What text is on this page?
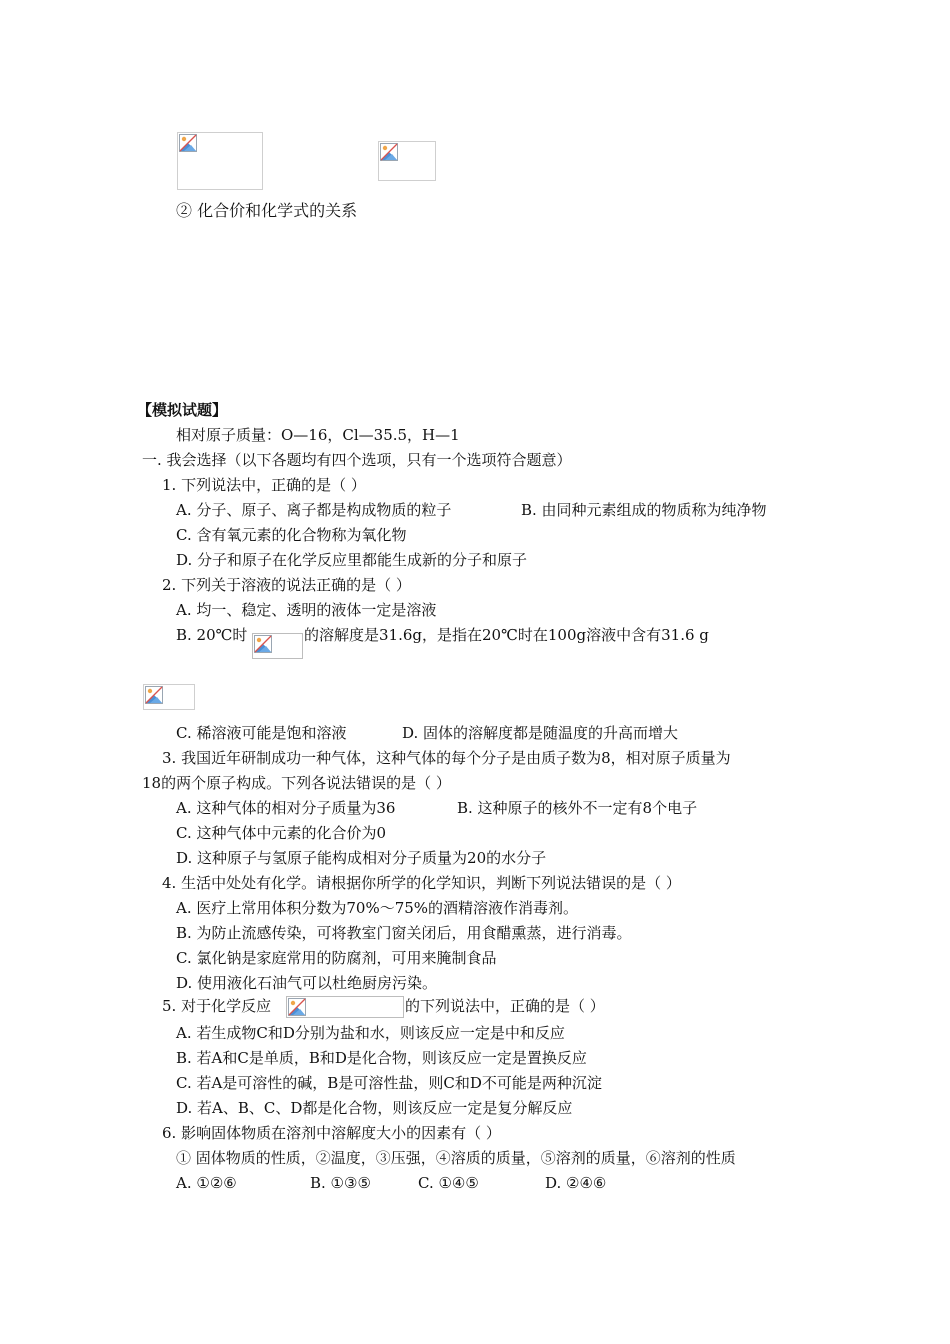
② 化合价和化学式的关系
【模拟试题】
相对原子质量：O—16，Cl—35.5，H—1
一. 我会选择（以下各题均有四个选项，只有一个选项符合题意）
1. 下列说法中，正确的是（ ）
A. 分子、原子、离子都是构成物质的粒子	B. 由同种元素组成的物质称为纯净物
C. 含有氧元素的化合物称为氧化物
D. 分子和原子在化学反应里都能生成新的分子和原子
2. 下列关于溶液的说法正确的是（ ）
A. 均一、稳定、透明的液体一定是溶液
B. 20℃时	的溶解度是31.6g，是指在20℃时在100g溶液中含有31.6 g
C. 稀溶液可能是饱和溶液	D. 固体的溶解度都是随温度的升高而增大
3. 我国近年研制成功一种气体，这种气体的每个分子是由质子数为8，相对原子质量为
18的两个原子构成。下列各说法错误的是（ ）
A. 这种气体的相对分子质量为36	B. 这种原子的核外不一定有8个电子
C. 这种气体中元素的化合价为0
D. 这种原子与氢原子能构成相对分子质量为20的水分子
4. 生活中处处有化学。请根据你所学的化学知识，判断下列说法错误的是（ ）
A. 医疗上常用体积分数为70%～75%的酒精溶液作消毒剂。
B. 为防止流感传染，可将教室门窗关闭后，用食醋熏蒸，进行消毒。
C. 氯化钠是家庭常用的防腐剂，可用来腌制食品
D. 使用液化石油气可以杜绝厨房污染。
5. 对于化学反应	的下列说法中，正确的是（ ）
A. 若生成物C和D分别为盐和水，则该反应一定是中和反应
B. 若A和C是单质，B和D是化合物，则该反应一定是置换反应
C. 若A是可溶性的碱，B是可溶性盐，则C和D不可能是两种沉淀
D. 若A、B、C、D都是化合物，则该反应一定是复分解反应
6. 影响固体物质在溶剂中溶解度大小的因素有（ ）
① 固体物质的性质，②温度，③压强，④溶质的质量，⑤溶剂的质量，⑥溶剂的性质
A. ①②⑥	B. ①③⑤	C. ①④⑤	D. ②④⑥
